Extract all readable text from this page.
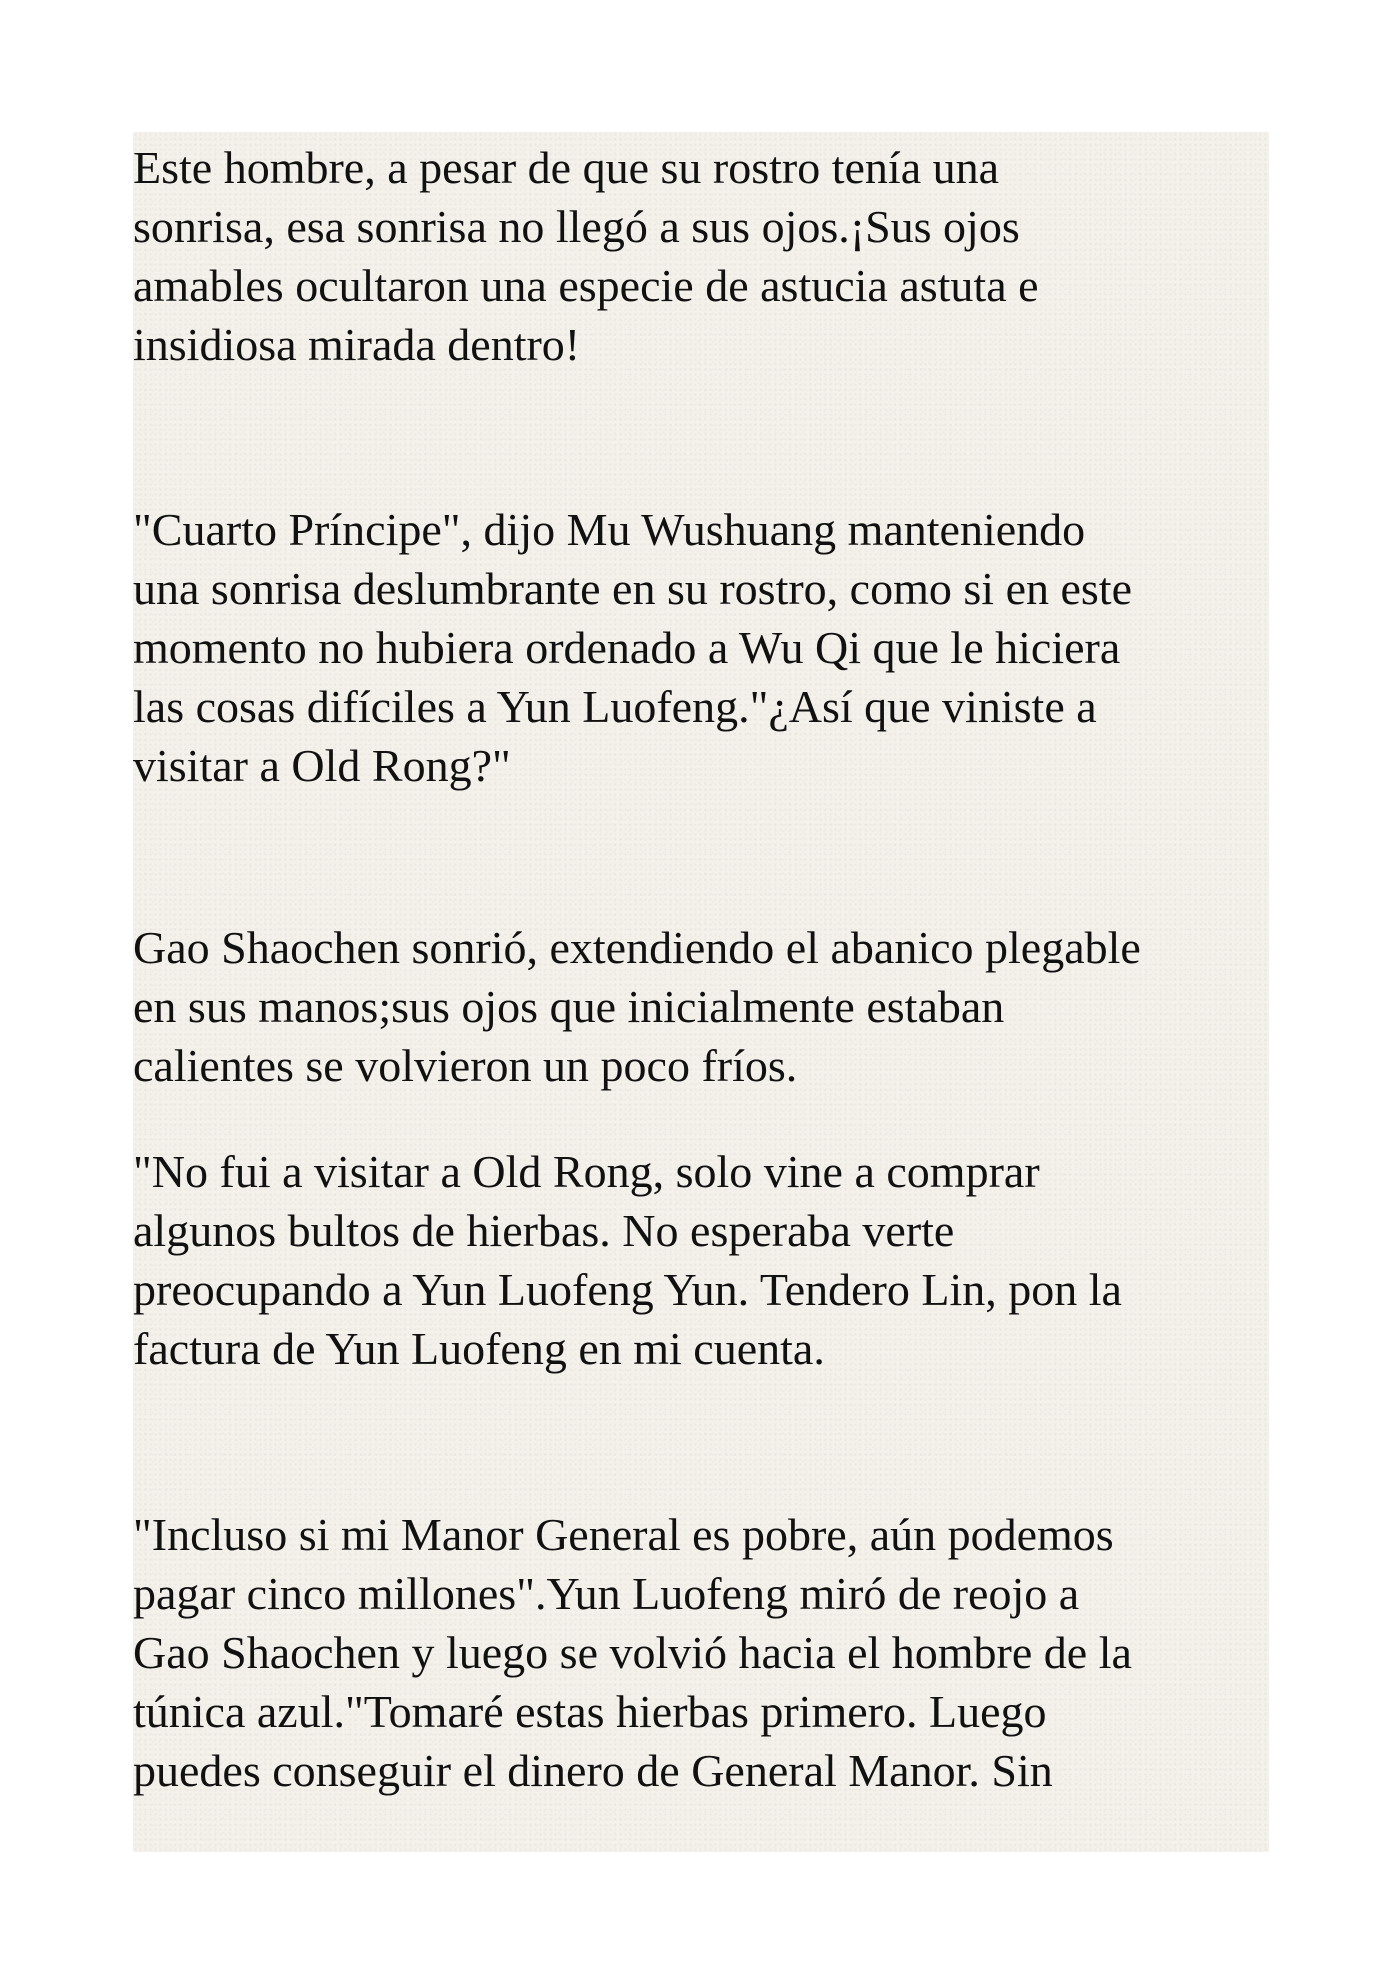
Este hombre, a pesar de que su rostro tenía una
sonrisa, esa sonrisa no llegó a sus ojos.¡Sus ojos
amables ocultaron una especie de astucia astuta e
insidiosa mirada dentro!

"Cuarto Príncipe", dijo Mu Wushuang manteniendo
una sonrisa deslumbrante en su rostro, como si en este
momento no hubiera ordenado a Wu Qi que le hiciera
las cosas difíciles a Yun Luofeng."¿Así que viniste a
visitar a Old Rong?"

Gao Shaochen sonrió, extendiendo el abanico plegable
en sus manos;sus ojos que inicialmente estaban
calientes se volvieron un poco fríos.

"No fui a visitar a Old Rong, solo vine a comprar
algunos bultos de hierbas. No esperaba verte
preocupando a Yun Luofeng Yun. Tendero Lin, pon la
factura de Yun Luofeng en mi cuenta.

"Incluso si mi Manor General es pobre, aún podemos
pagar cinco millones".Yun Luofeng miró de reojo a
Gao Shaochen y luego se volvió hacia el hombre de la
túnica azul."Tomaré estas hierbas primero. Luego
puedes conseguir el dinero de General Manor. Sin
